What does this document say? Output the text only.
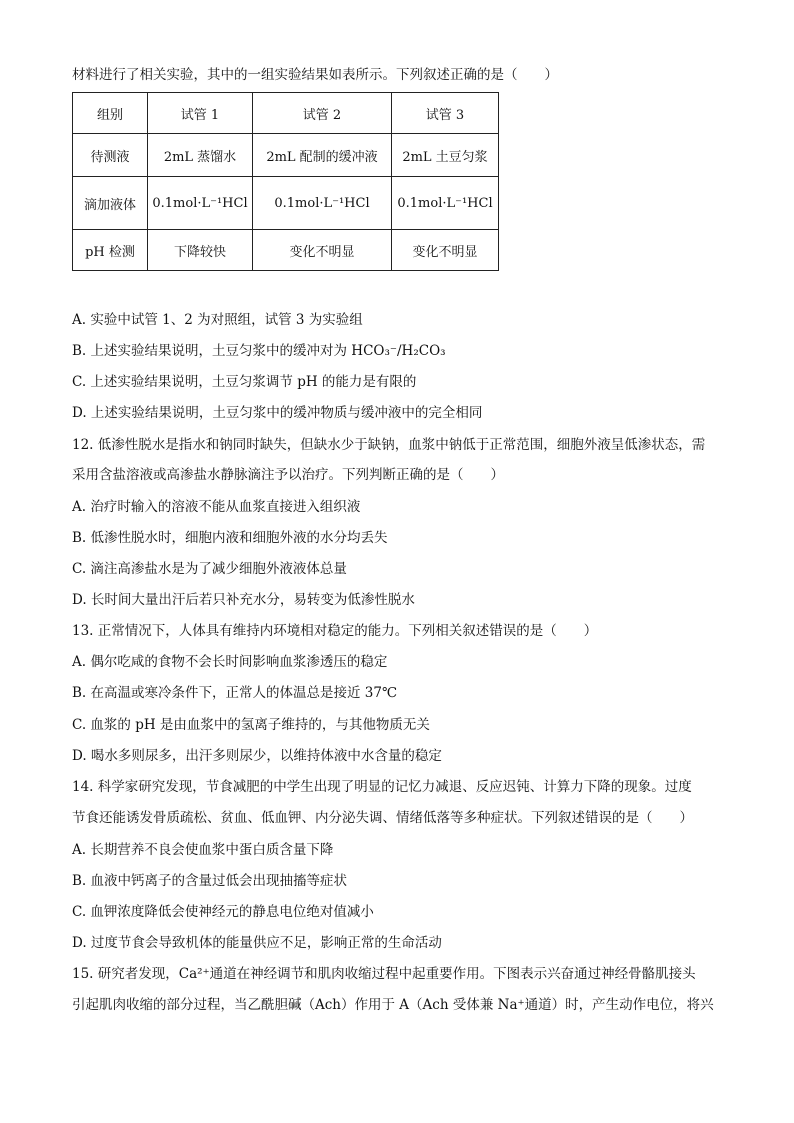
材料进行了相关实验，其中的一组实验结果如表所示。下列叙述正确的是（　　）
组别	试管 1	试管 2	试管 3
待测液	2mL 蒸馏水	2mL 配制的缓冲液	2mL 土豆匀浆
滴加液体	0.1mol·L⁻¹HCl	0.1mol·L⁻¹HCl	0.1mol·L⁻¹HCl
pH 检测	下降较快	变化不明显	变化不明显
A. 实验中试管 1、2 为对照组，试管 3 为实验组
B. 上述实验结果说明，土豆匀浆中的缓冲对为 HCO₃⁻/H₂CO₃
C. 上述实验结果说明，土豆匀浆调节 pH 的能力是有限的
D. 上述实验结果说明，土豆匀浆中的缓冲物质与缓冲液中的完全相同
12. 低渗性脱水是指水和钠同时缺失，但缺水少于缺钠，血浆中钠低于正常范围，细胞外液呈低渗状态，需
采用含盐溶液或高渗盐水静脉滴注予以治疗。下列判断正确的是（　　）
A. 治疗时输入的溶液不能从血浆直接进入组织液
B. 低渗性脱水时，细胞内液和细胞外液的水分均丢失
C. 滴注高渗盐水是为了减少细胞外液液体总量
D. 长时间大量出汗后若只补充水分，易转变为低渗性脱水
13. 正常情况下，人体具有维持内环境相对稳定的能力。下列相关叙述错误的是（　　）
A. 偶尔吃咸的食物不会长时间影响血浆渗透压的稳定
B. 在高温或寒冷条件下，正常人的体温总是接近 37℃
C. 血浆的 pH 是由血浆中的氢离子维持的，与其他物质无关
D. 喝水多则尿多，出汗多则尿少，以维持体液中水含量的稳定
14. 科学家研究发现，节食减肥的中学生出现了明显的记忆力减退、反应迟钝、计算力下降的现象。过度
节食还能诱发骨质疏松、贫血、低血钾、内分泌失调、情绪低落等多种症状。下列叙述错误的是（　　）
A. 长期营养不良会使血浆中蛋白质含量下降
B. 血液中钙离子的含量过低会出现抽搐等症状
C. 血钾浓度降低会使神经元的静息电位绝对值减小
D. 过度节食会导致机体的能量供应不足，影响正常的生命活动
15. 研究者发现，Ca²⁺通道在神经调节和肌肉收缩过程中起重要作用。下图表示兴奋通过神经骨骼肌接头
引起肌肉收缩的部分过程，当乙酰胆碱（Ach）作用于 A（Ach 受体兼 Na⁺通道）时，产生动作电位，将兴
